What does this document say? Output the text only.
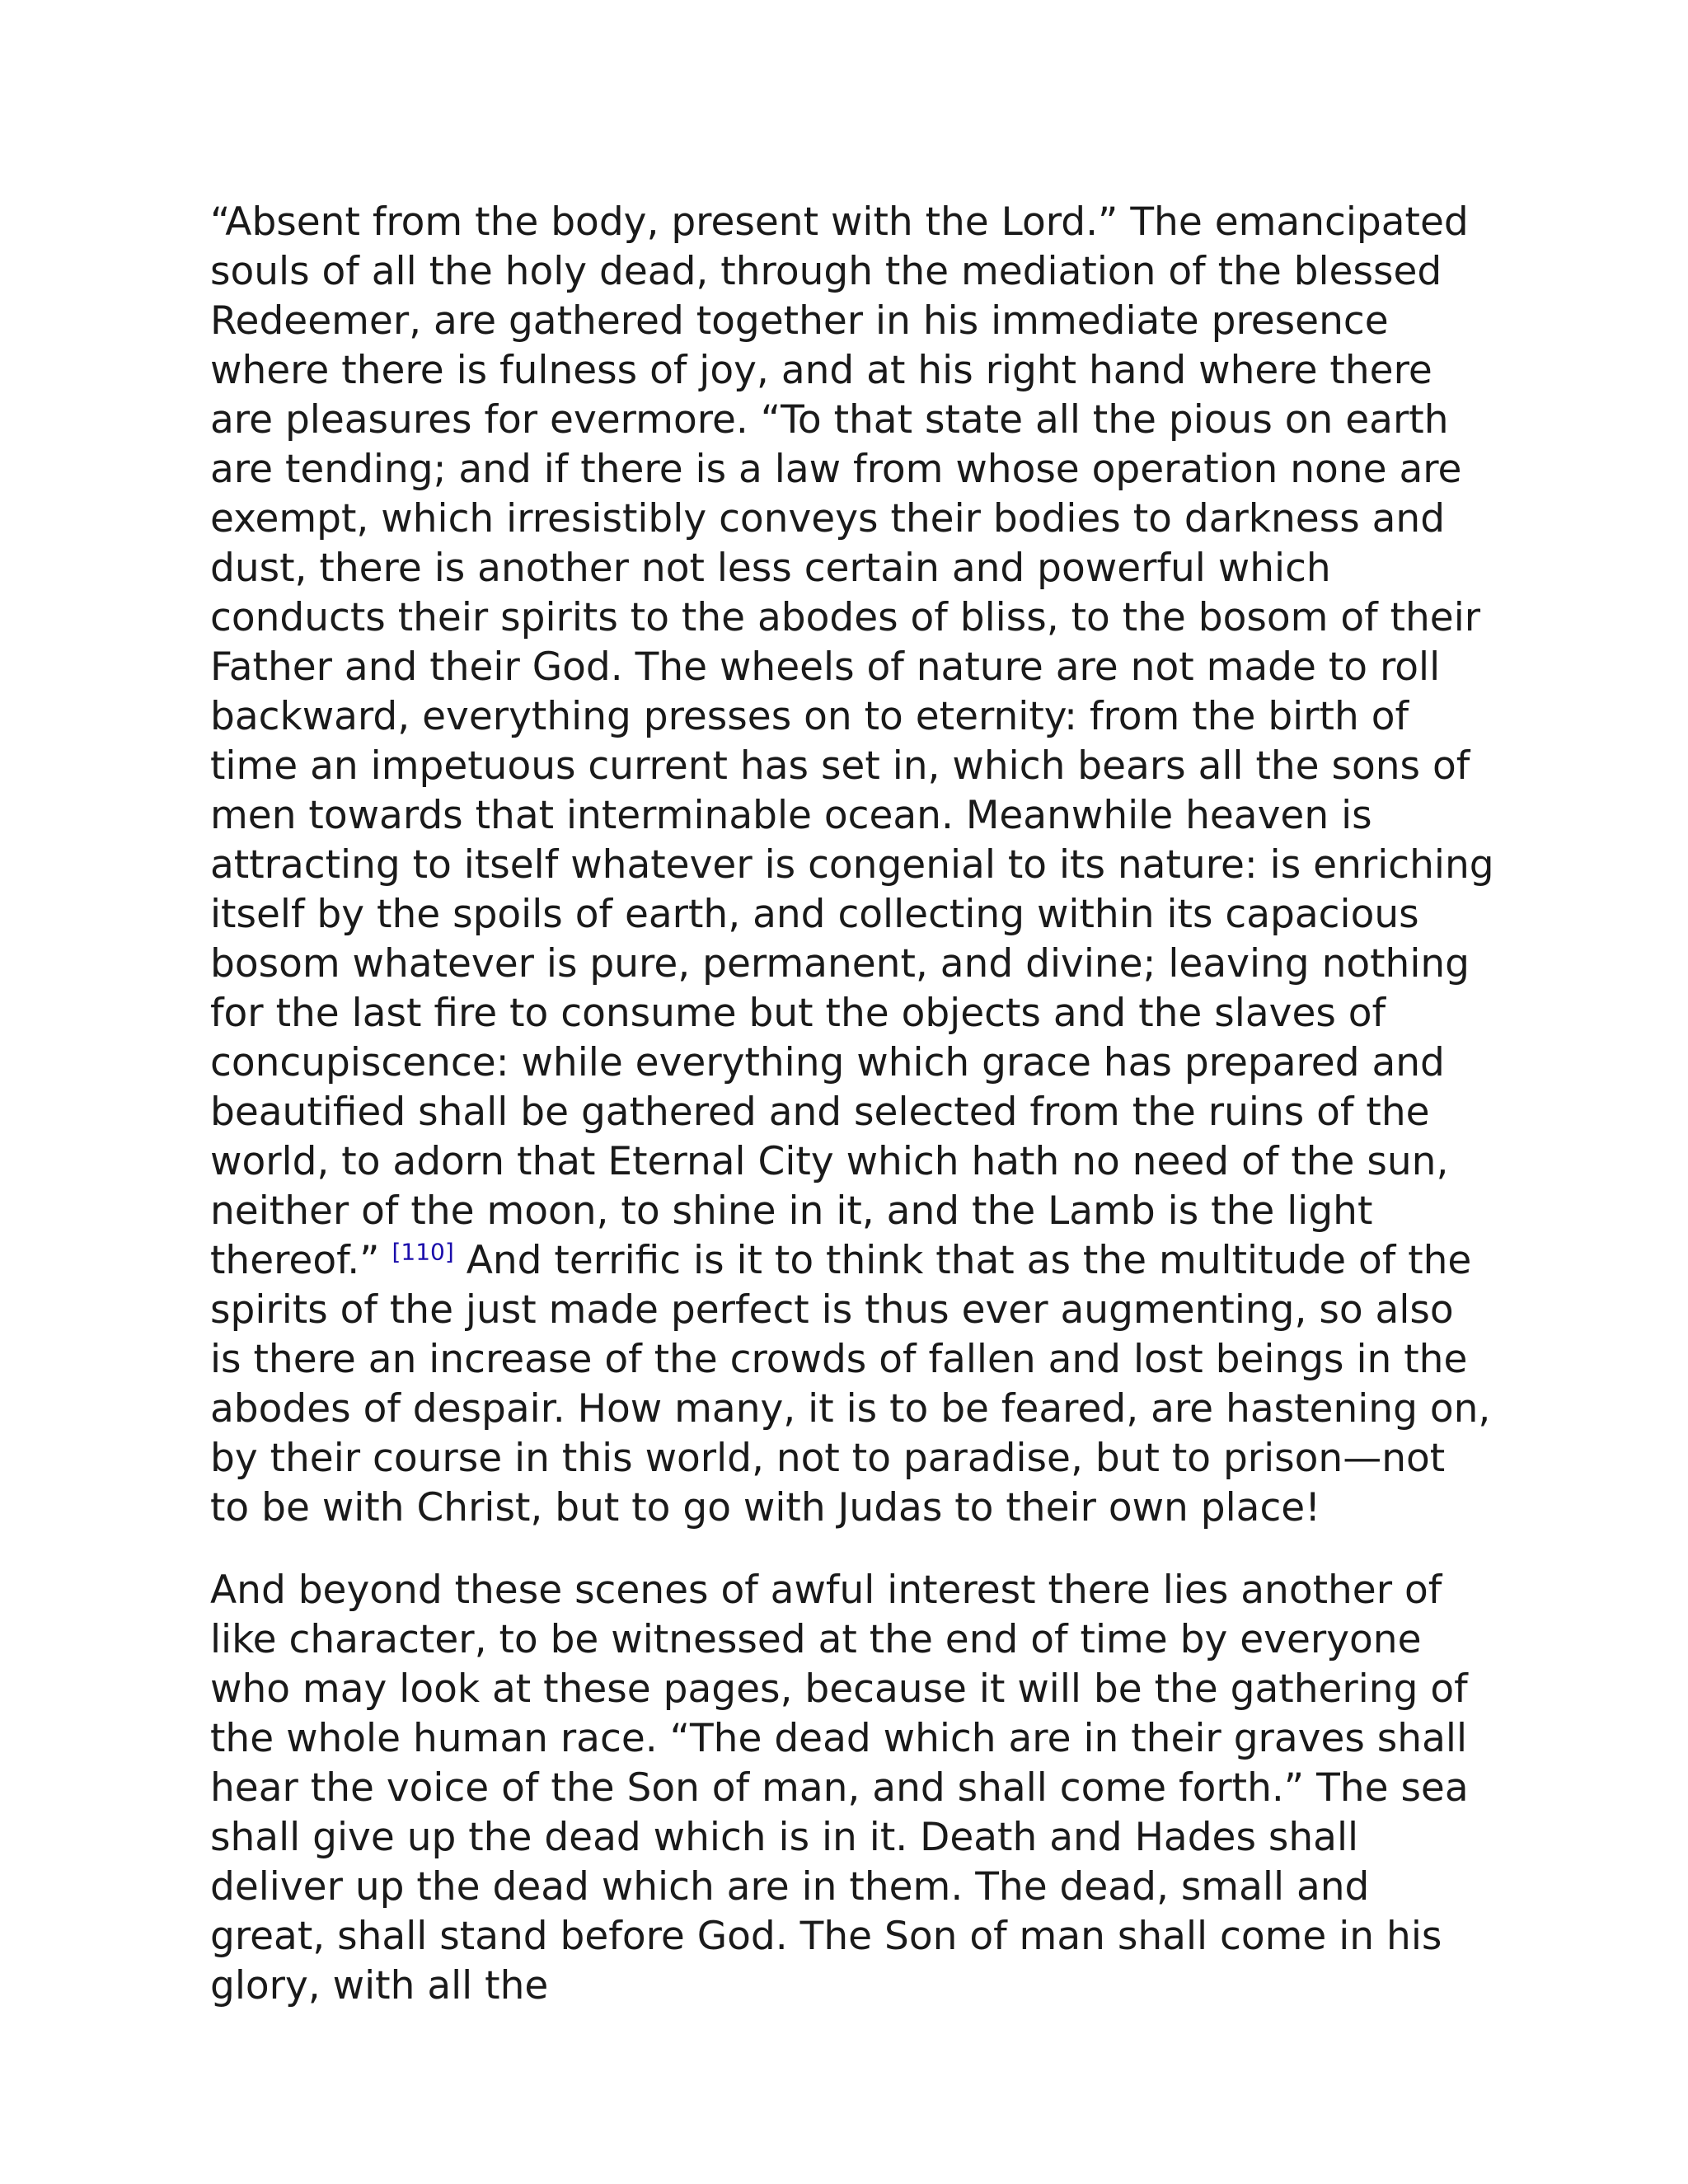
“Absent from the body, present with the Lord.” The emancipated souls of all the holy dead, through the mediation of the blessed Redeemer, are gathered together in his immediate presence where there is fulness of joy, and at his right hand where there are pleasures for evermore. “To that state all the pious on earth are tending; and if there is a law from whose operation none are exempt, which irresistibly conveys their bodies to darkness and dust, there is another not less certain and powerful which conducts their spirits to the abodes of bliss, to the bosom of their Father and their God. The wheels of nature are not made to roll backward, everything presses on to eternity: from the birth of time an impetuous current has set in, which bears all the sons of men towards that interminable ocean. Meanwhile heaven is attracting to itself whatever is congenial to its nature: is enriching itself by the spoils of earth, and collecting within its capacious bosom whatever is pure, permanent, and divine; leaving nothing for the last fire to consume but the objects and the slaves of concupiscence: while everything which grace has prepared and beautified shall be gathered and selected from the ruins of the world, to adorn that Eternal City which hath no need of the sun, neither of the moon, to shine in it, and the Lamb is the light thereof.” [110] And terrific is it to think that as the multitude of the spirits of the just made perfect is thus ever augmenting, so also is there an increase of the crowds of fallen and lost beings in the abodes of despair. How many, it is to be feared, are hastening on, by their course in this world, not to paradise, but to prison—not to be with Christ, but to go with Judas to their own place!

And beyond these scenes of awful interest there lies another of like character, to be witnessed at the end of time by everyone who may look at these pages, because it will be the gathering of the whole human race. “The dead which are in their graves shall hear the voice of the Son of man, and shall come forth.” The sea shall give up the dead which is in it. Death and Hades shall deliver up the dead which are in them. The dead, small and great, shall stand before God. The Son of man shall come in his glory, with all the
